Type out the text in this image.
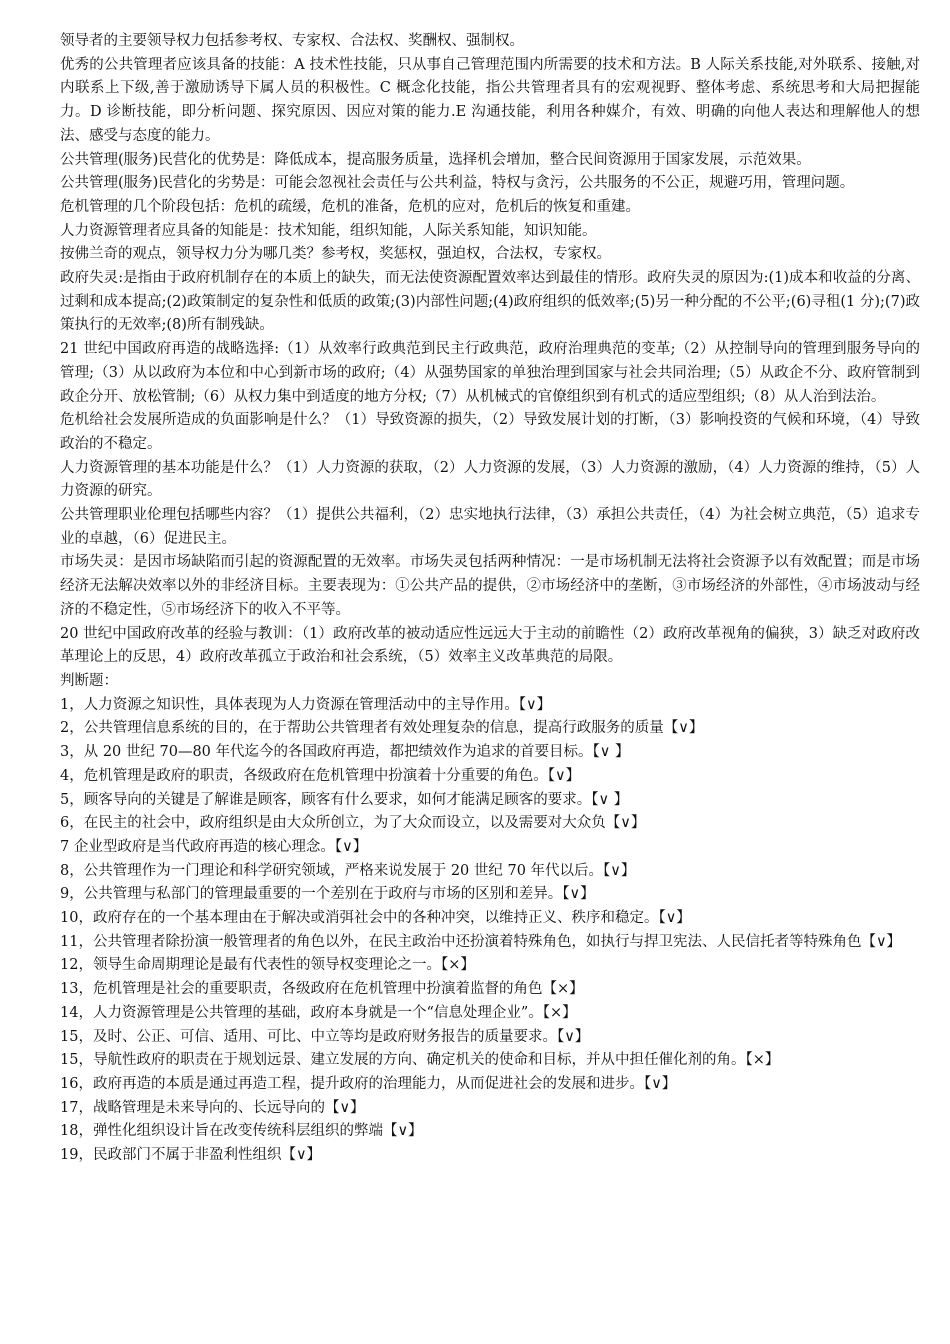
领导者的主要领导权力包括参考权、专家权、合法权、奖酬权、强制权。

优秀的公共管理者应该具备的技能：A 技术性技能，只从事自己管理范围内所需要的技术和方法。B 人际关系技能,对外联系、接触,对内联系上下级,善于激励诱导下属人员的积极性。C 概念化技能，指公共管理者具有的宏观视野、整体考虑、系统思考和大局把握能力。D 诊断技能，即分析问题、探究原因、因应对策的能力.E 沟通技能，利用各种媒介，有效、明确的向他人表达和理解他人的想法、感受与态度的能力。

公共管理(服务)民营化的优势是：降低成本，提高服务质量，选择机会增加，整合民间资源用于国家发展，示范效果。

公共管理(服务)民营化的劣势是：可能会忽视社会责任与公共利益，特权与贪污，公共服务的不公正，规避巧用，管理问题。

危机管理的几个阶段包括：危机的疏缓，危机的准备，危机的应对，危机后的恢复和重建。

人力资源管理者应具备的知能是：技术知能，组织知能，人际关系知能，知识知能。

按佛兰奇的观点，领导权力分为哪几类？参考权，奖惩权，强迫权，合法权，专家权。

政府失灵:是指由于政府机制存在的本质上的缺失，而无法使资源配置效率达到最佳的情形。政府失灵的原因为:(1)成本和收益的分离、过剩和成本提高;(2)政策制定的复杂性和低质的政策;(3)内部性问题;(4)政府组织的低效率;(5)另一种分配的不公平;(6)寻租(1 分);(7)政策执行的无效率;(8)所有制残缺。

21 世纪中国政府再造的战略选择:（1）从效率行政典范到民主行政典范，政府治理典范的变革;（2）从控制导向的管理到服务导向的管理;（3）从以政府为本位和中心到新市场的政府;（4）从强势国家的单独治理到国家与社会共同治理;（5）从政企不分、政府管制到政企分开、放松管制;（6）从权力集中到适度的地方分权;（7）从机械式的官僚组织到有机式的适应型组织;（8）从人治到法治。

危机给社会发展所造成的负面影响是什么？（1）导致资源的损失，（2）导致发展计划的打断，（3）影响投资的气候和环境，（4）导致政治的不稳定。

人力资源管理的基本功能是什么？（1）人力资源的获取，（2）人力资源的发展，（3）人力资源的激励，（4）人力资源的维持，（5）人力资源的研究。

公共管理职业伦理包括哪些内容？（1）提供公共福利，（2）忠实地执行法律，（3）承担公共责任，（4）为社会树立典范，（5）追求专业的卓越，（6）促进民主。

市场失灵：是因市场缺陷而引起的资源配置的无效率。市场失灵包括两种情况：一是市场机制无法将社会资源予以有效配置；而是市场经济无法解决效率以外的非经济目标。主要表现为：①公共产品的提供，②市场经济中的垄断，③市场经济的外部性，④市场波动与经济的不稳定性，⑤市场经济下的收入不平等。

20 世纪中国政府改革的经验与教训：（1）政府改革的被动适应性远远大于主动的前瞻性（2）政府改革视角的偏狭，3）缺乏对政府改革理论上的反思，4）政府改革孤立于政治和社会系统，（5）效率主义改革典范的局限。

判断题：

1，人力资源之知识性，具体表现为人力资源在管理活动中的主导作用。【∨】

2，公共管理信息系统的目的，在于帮助公共管理者有效处理复杂的信息，提高行政服务的质量【∨】

3，从 20 世纪 70—80 年代迄今的各国政府再造，都把绩效作为追求的首要目标。【∨ 】

4，危机管理是政府的职责，各级政府在危机管理中扮演着十分重要的角色。【∨】

5，顾客导向的关键是了解谁是顾客，顾客有什么要求，如何才能满足顾客的要求。【∨ 】

6，在民主的社会中，政府组织是由大众所创立，为了大众而设立，以及需要对大众负【∨】

7 企业型政府是当代政府再造的核心理念。【∨】

8，公共管理作为一门理论和科学研究领域，严格来说发展于 20 世纪 70 年代以后。【∨】

9，公共管理与私部门的管理最重要的一个差别在于政府与市场的区别和差异。【∨】

10，政府存在的一个基本理由在于解决或消弭社会中的各种冲突，以维持正义、秩序和稳定。【∨】

11，公共管理者除扮演一般管理者的角色以外，在民主政治中还扮演着特殊角色，如执行与捍卫宪法、人民信托者等特殊角色【∨】

12，领导生命周期理论是最有代表性的领导权变理论之一。【×】

13，危机管理是社会的重要职责，各级政府在危机管理中扮演着监督的角色【×】

14，人力资源管理是公共管理的基础，政府本身就是一个“信息处理企业”。【×】

15，及时、公正、可信、适用、可比、中立等均是政府财务报告的质量要求。【∨】

15，导航性政府的职责在于规划远景、建立发展的方向、确定机关的使命和目标，并从中担任催化剂的角。【×】

16，政府再造的本质是通过再造工程，提升政府的治理能力，从而促进社会的发展和进步。【∨】

17，战略管理是未来导向的、长远导向的【∨】

18，弹性化组织设计旨在改变传统科层组织的弊端【∨】

19，民政部门不属于非盈利性组织【∨】
